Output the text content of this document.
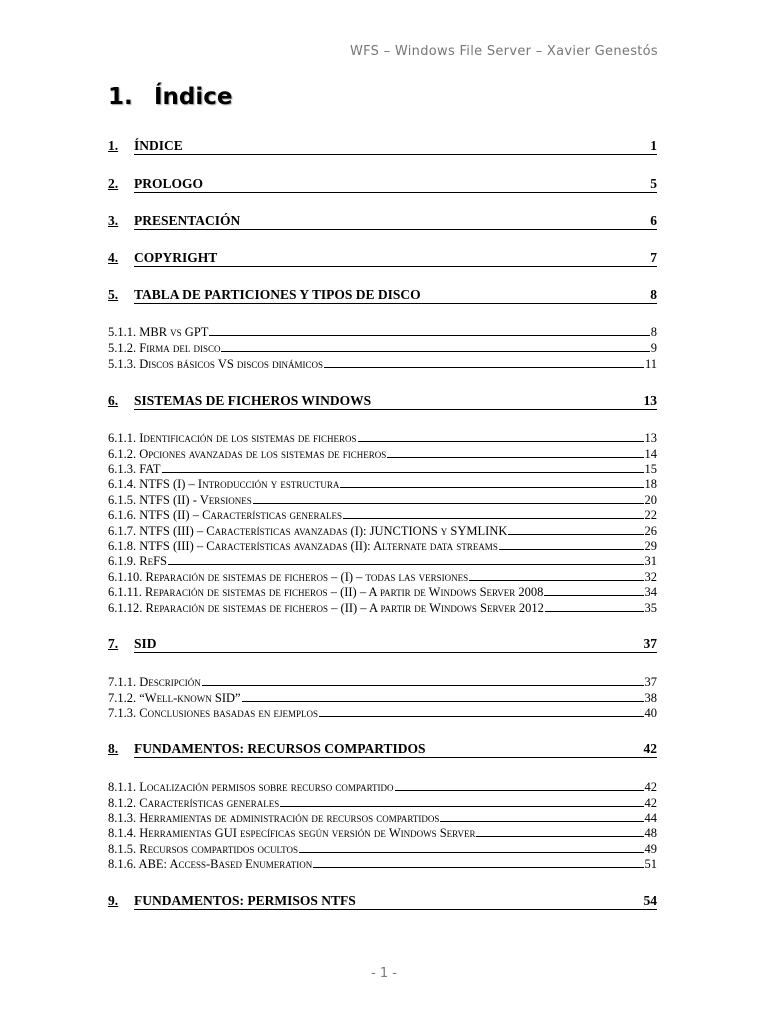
WFS – Windows File Server – Xavier Genestós
1. Índice
1.	ÍNDICE	1
2.	PROLOGO	5
3.	PRESENTACIÓN	6
4.	COPYRIGHT	7
5.	TABLA DE PARTICIONES Y TIPOS DE DISCO	8
5.1.1. MBR vs GPT	8
5.1.2. Firma del disco	9
5.1.3. Discos básicos VS discos dinámicos	11
6.	SISTEMAS DE FICHEROS WINDOWS	13
6.1.1. Identificación de los sistemas de ficheros	13
6.1.2. Opciones avanzadas de los sistemas de ficheros	14
6.1.3. FAT	15
6.1.4. NTFS (I) – Introducción y estructura	18
6.1.5. NTFS (II) - Versiones	20
6.1.6. NTFS (II) – Características generales	22
6.1.7. NTFS (III) – Características avanzadas (I): JUNCTIONS y SYMLINK	26
6.1.8. NTFS (III) – Características avanzadas (II): Alternate data streams	29
6.1.9. ReFS	31
6.1.10. Reparación de sistemas de ficheros – (I) – todas las versiones	32
6.1.11. Reparación de sistemas de ficheros – (II) – A partir de Windows Server 2008	34
6.1.12. Reparación de sistemas de ficheros – (II) – A partir de Windows Server 2012	35
7.	SID	37
7.1.1. Descripción	37
7.1.2. “Well-known SID”	38
7.1.3. Conclusiones basadas en ejemplos	40
8.	FUNDAMENTOS: RECURSOS COMPARTIDOS	42
8.1.1. Localización permisos sobre recurso compartido	42
8.1.2. Características generales	42
8.1.3. Herramientas de administración de recursos compartidos	44
8.1.4. Herramientas GUI específicas según versión de Windows Server	48
8.1.5. Recursos compartidos ocultos	49
8.1.6. ABE: Access-Based Enumeration	51
9.	FUNDAMENTOS: PERMISOS NTFS	54
- 1 -
